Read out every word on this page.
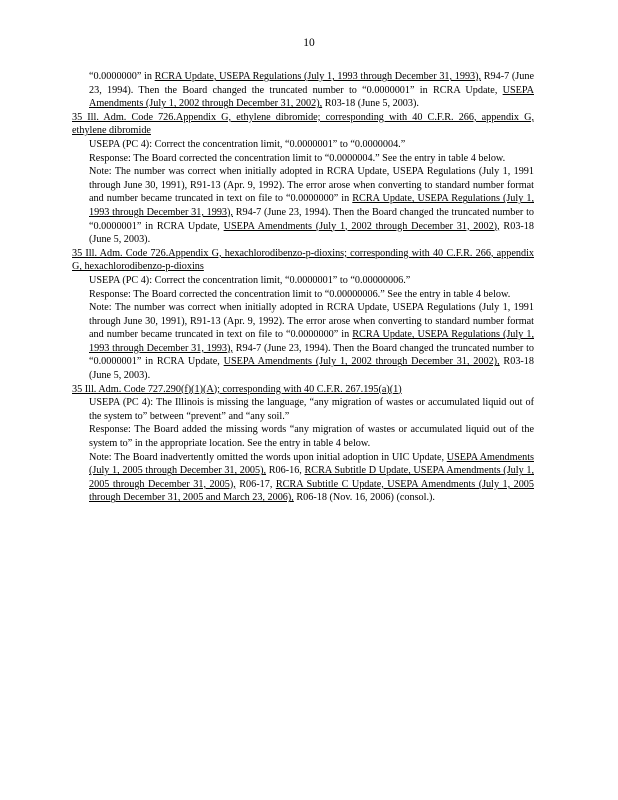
10

“0.0000000” in RCRA Update, USEPA Regulations (July 1, 1993 through December 31, 1993), R94-7 (June 23, 1994). Then the Board changed the truncated number to “0.0000001” in RCRA Update, USEPA Amendments (July 1, 2002 through December 31, 2002), R03-18 (June 5, 2003).

35 Ill. Adm. Code 726.Appendix G, ethylene dibromide; corresponding with 40 C.F.R. 266, appendix G, ethylene dibromide

USEPA (PC 4): Correct the concentration limit, “0.0000001” to “0.0000004.”

Response: The Board corrected the concentration limit to “0.0000004.” See the entry in table 4 below.

Note: The number was correct when initially adopted in RCRA Update, USEPA Regulations (July 1, 1991 through June 30, 1991), R91-13 (Apr. 9, 1992). The error arose when converting to standard number format and number became truncated in text on file to “0.0000000” in RCRA Update, USEPA Regulations (July 1, 1993 through December 31, 1993), R94-7 (June 23, 1994). Then the Board changed the truncated number to “0.0000001” in RCRA Update, USEPA Amendments (July 1, 2002 through December 31, 2002), R03-18 (June 5, 2003).

35 Ill. Adm. Code 726.Appendix G, hexachlorodibenzo-p-dioxins; corresponding with 40 C.F.R. 266, appendix G, hexachlorodibenzo-p-dioxins

USEPA (PC 4): Correct the concentration limit, “0.0000001” to “0.00000006.”

Response: The Board corrected the concentration limit to “0.00000006.” See the entry in table 4 below.

Note: The number was correct when initially adopted in RCRA Update, USEPA Regulations (July 1, 1991 through June 30, 1991), R91-13 (Apr. 9, 1992). The error arose when converting to standard number format and number became truncated in text on file to “0.0000000” in RCRA Update, USEPA Regulations (July 1, 1993 through December 31, 1993), R94-7 (June 23, 1994). Then the Board changed the truncated number to “0.0000001” in RCRA Update, USEPA Amendments (July 1, 2002 through December 31, 2002), R03-18 (June 5, 2003).

35 Ill. Adm. Code 727.290(f)(1)(A); corresponding with 40 C.F.R. 267.195(a)(1)

USEPA (PC 4): The Illinois is missing the language, “any migration of wastes or accumulated liquid out of the system to” between “prevent” and “any soil.”

Response: The Board added the missing words “any migration of wastes or accumulated liquid out of the system to” in the appropriate location. See the entry in table 4 below.

Note: The Board inadvertently omitted the words upon initial adoption in UIC Update, USEPA Amendments (July 1, 2005 through December 31, 2005), R06-16, RCRA Subtitle D Update, USEPA Amendments (July 1, 2005 through December 31, 2005), R06-17, RCRA Subtitle C Update, USEPA Amendments (July 1, 2005 through December 31, 2005 and March 23, 2006), R06-18 (Nov. 16, 2006) (consol.).
